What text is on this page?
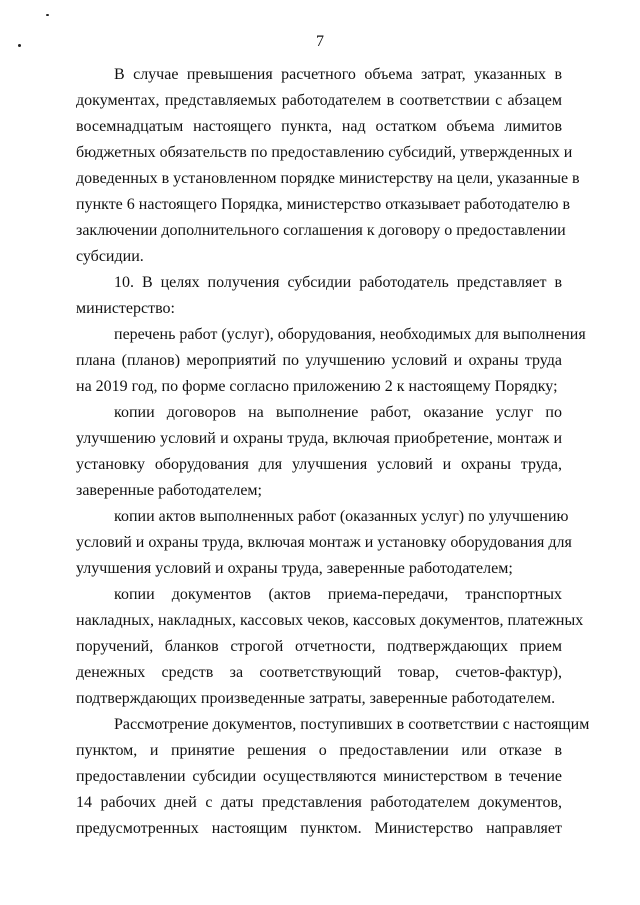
7
В случае превышения расчетного объема затрат, указанных в
документах, представляемых работодателем в соответствии с абзацем
восемнадцатым настоящего пункта, над остатком объема лимитов
бюджетных обязательств по предоставлению субсидий, утвержденных и
доведенных в установленном порядке министерству на цели, указанные в
пункте 6 настоящего Порядка, министерство отказывает работодателю в
заключении дополнительного соглашения к договору о предоставлении
субсидии.
10. В целях получения субсидии работодатель представляет в
министерство:
перечень работ (услуг), оборудования, необходимых для выполнения
плана (планов) мероприятий по улучшению условий и охраны труда
на 2019 год, по форме согласно приложению 2 к настоящему Порядку;
копии договоров на выполнение работ, оказание услуг по
улучшению условий и охраны труда, включая приобретение, монтаж и
установку оборудования для улучшения условий и охраны труда,
заверенные работодателем;
копии актов выполненных работ (оказанных услуг) по улучшению
условий и охраны труда, включая монтаж и установку оборудования для
улучшения условий и охраны труда, заверенные работодателем;
копии документов (актов приема-передачи, транспортных
накладных, накладных, кассовых чеков, кассовых документов, платежных
поручений, бланков строгой отчетности, подтверждающих прием
денежных средств за соответствующий товар, счетов-фактур),
подтверждающих произведенные затраты, заверенные работодателем.
Рассмотрение документов, поступивших в соответствии с настоящим
пунктом, и принятие решения о предоставлении или отказе в
предоставлении субсидии осуществляются министерством в течение
14 рабочих дней с даты представления работодателем документов,
предусмотренных настоящим пунктом. Министерство направляет
